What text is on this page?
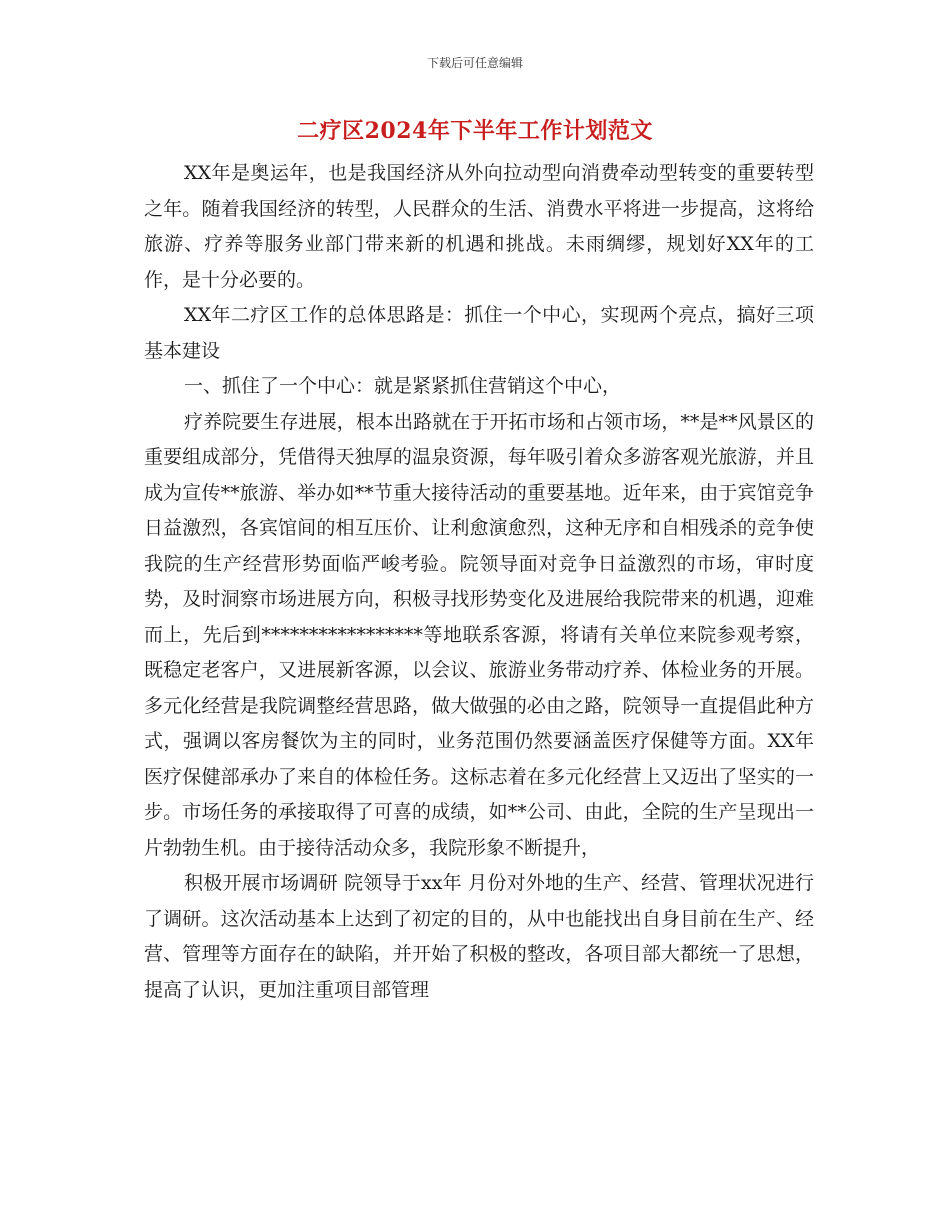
下载后可任意编辑
二疗区2024年下半年工作计划范文

XX年是奥运年，也是我国经济从外向拉动型向消费牵动型转变的重要转型之年。随着我国经济的转型，人民群众的生活、消费水平将进一步提高，这将给旅游、疗养等服务业部门带来新的机遇和挑战。未雨绸缪，规划好XX年的工作，是十分必要的。

XX年二疗区工作的总体思路是：抓住一个中心，实现两个亮点，搞好三项基本建设

一、抓住了一个中心：就是紧紧抓住营销这个中心，

疗养院要生存进展，根本出路就在于开拓市场和占领市场，**是**风景区的重要组成部分，凭借得天独厚的温泉资源，每年吸引着众多游客观光旅游，并且成为宣传**旅游、举办如**节重大接待活动的重要基地。近年来，由于宾馆竞争日益激烈，各宾馆间的相互压价、让利愈演愈烈，这种无序和自相残杀的竞争使我院的生产经营形势面临严峻考验。院领导面对竞争日益激烈的市场，审时度势，及时洞察市场进展方向，积极寻找形势变化及进展给我院带来的机遇，迎难而上，先后到*****************等地联系客源，将请有关单位来院参观考察，既稳定老客户，又进展新客源，以会议、旅游业务带动疗养、体检业务的开展。多元化经营是我院调整经营思路，做大做强的必由之路，院领导一直提倡此种方式，强调以客房餐饮为主的同时，业务范围仍然要涵盖医疗保健等方面。XX年医疗保健部承办了来自的体检任务。这标志着在多元化经营上又迈出了坚实的一步。市场任务的承接取得了可喜的成绩，如**公司、由此，全院的生产呈现出一片勃勃生机。由于接待活动众多，我院形象不断提升，

积极开展市场调研 院领导于xx年 月份对外地的生产、经营、管理状况进行了调研。这次活动基本上达到了初定的目的，从中也能找出自身目前在生产、经营、管理等方面存在的缺陷，并开始了积极的整改，各项目部大都统一了思想，提高了认识，更加注重项目部管理
